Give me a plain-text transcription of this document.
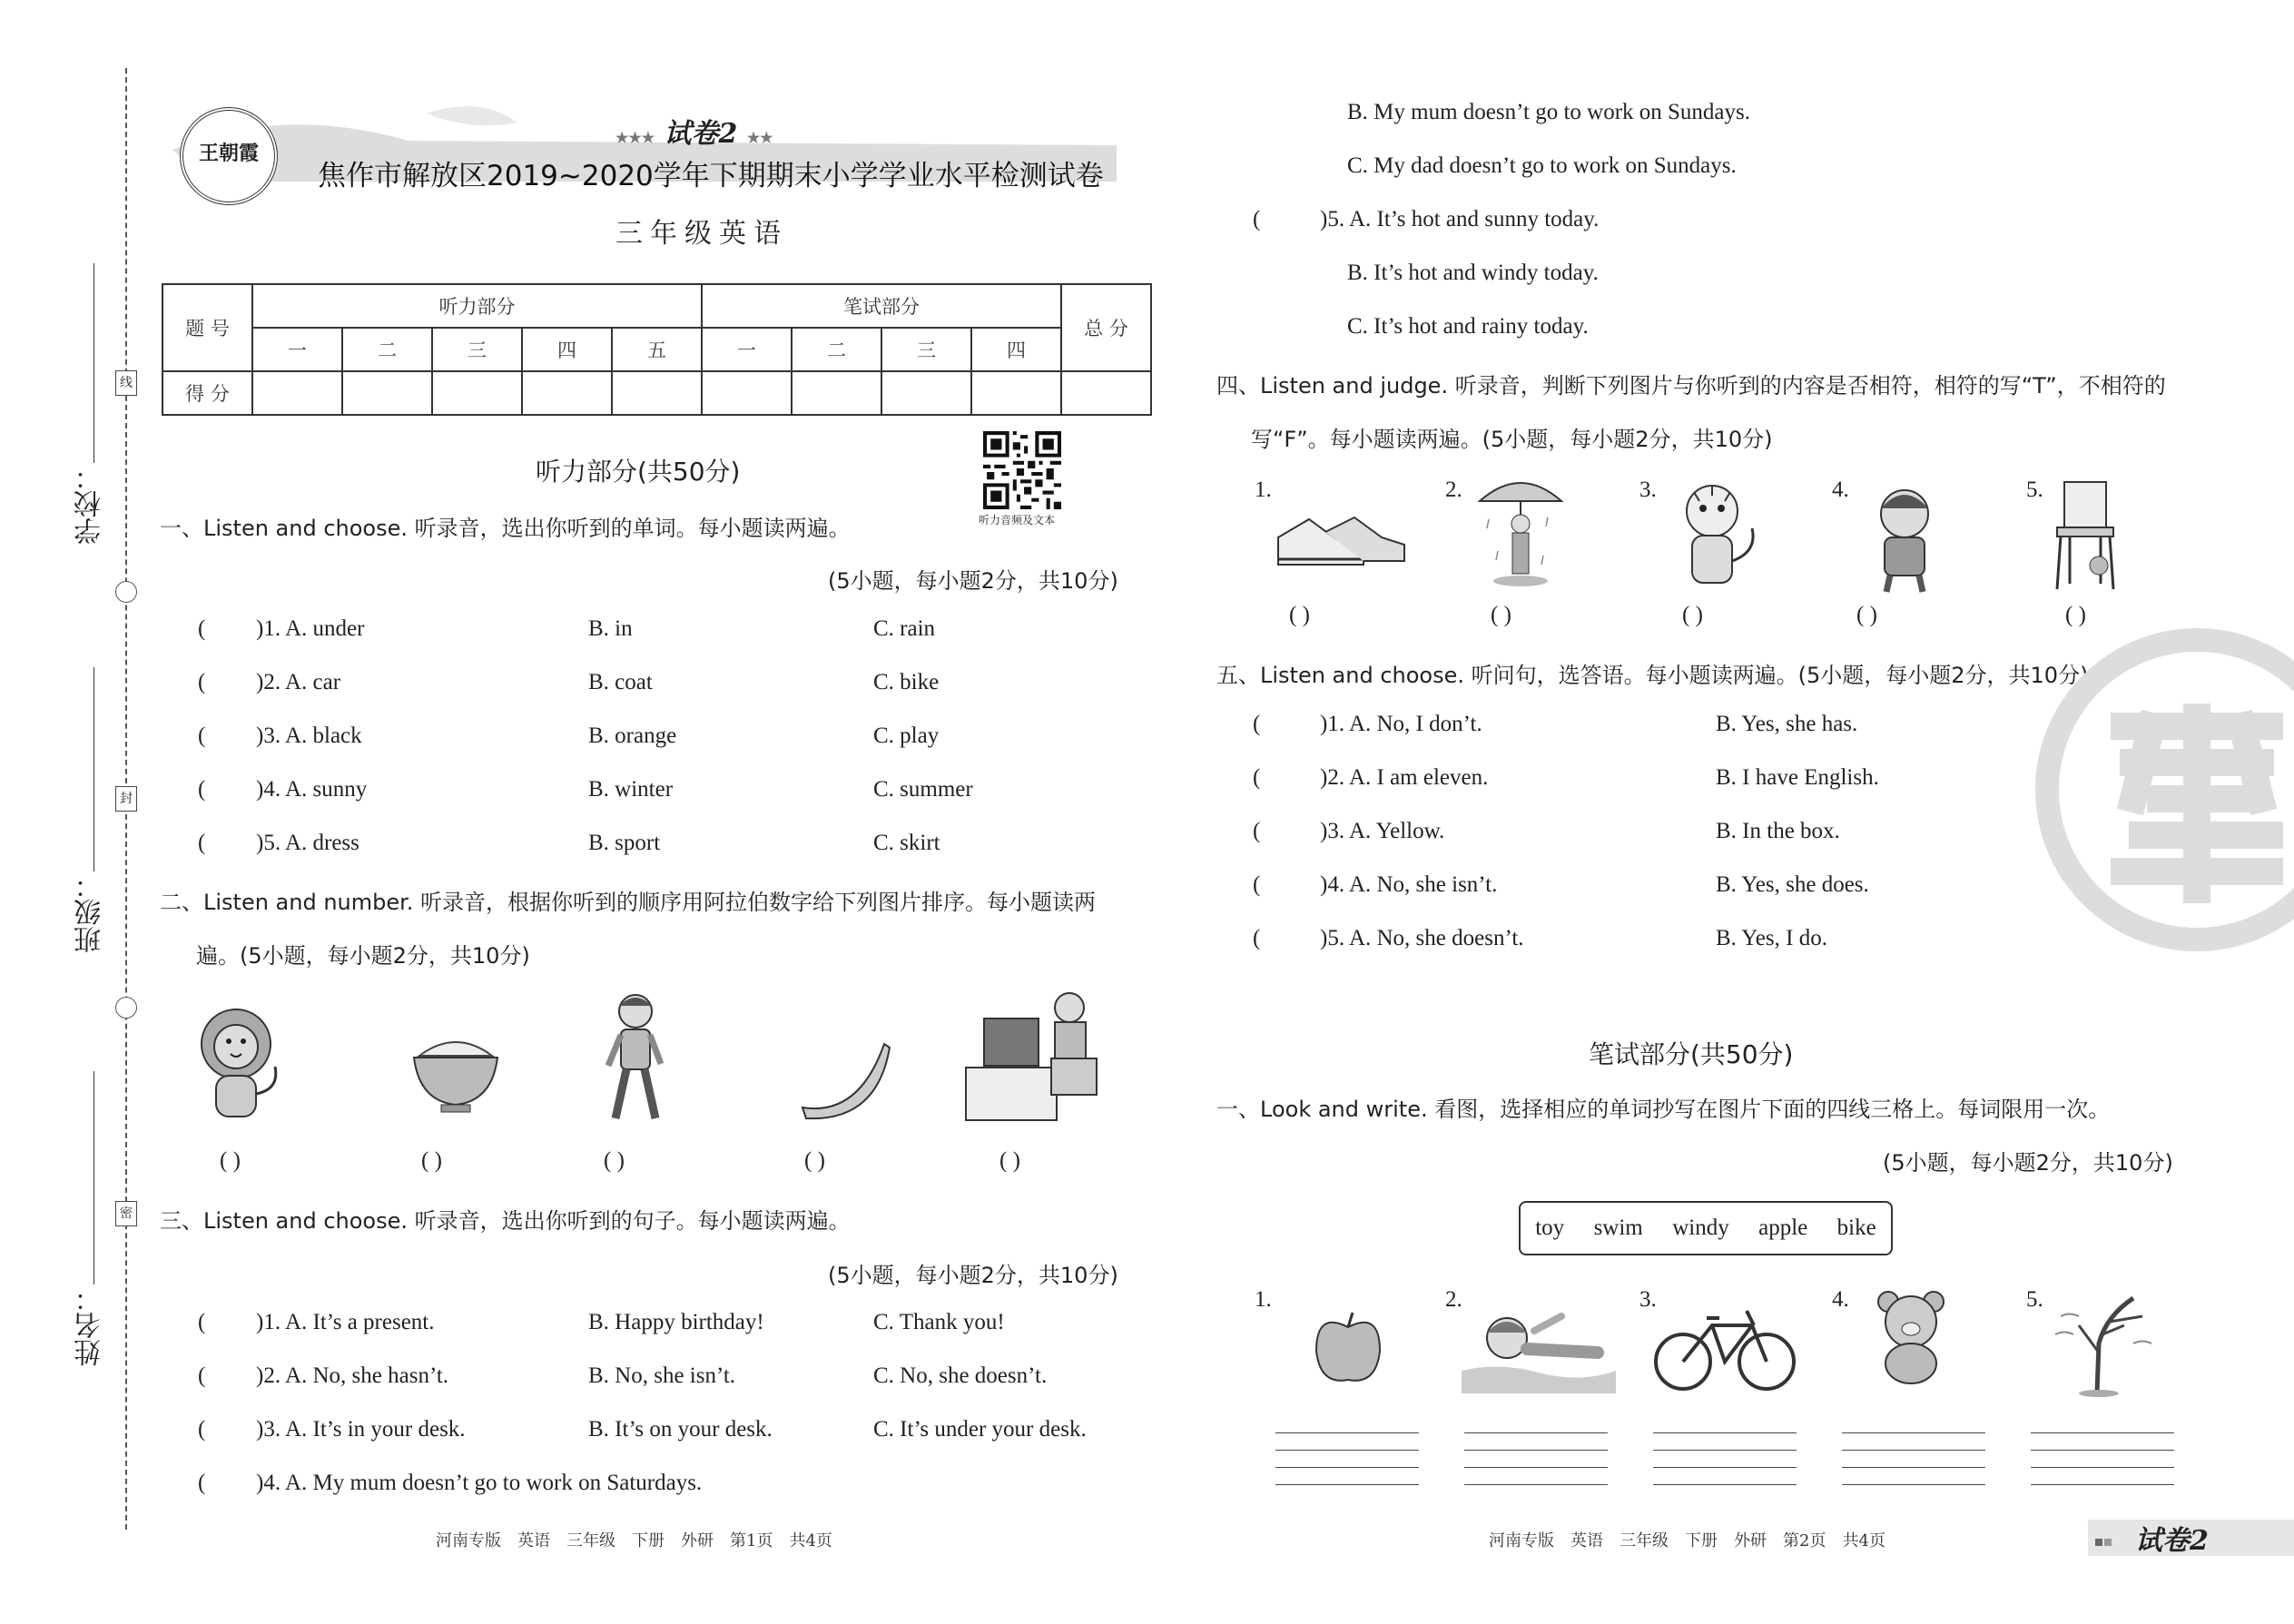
学校：
班级：
姓名：
线
封
密
王朝霞
★★★ 试卷2 ★★
焦作市解放区2019~2020学年下期期末小学学业水平检测试卷
三年级英语
题 号	听力部分					笔试部分				总 分
	一	二	三	四	五	一	二	三	四	
得 分										
听力部分(共50分)
听力音频及文本
一、Listen and choose. 听录音，选出你听到的单词。每小题读两遍。
(5小题，每小题2分，共10分)
( )1. A. under	B. in	C. rain
( )2. A. car	B. coat	C. bike
( )3. A. black	B. orange	C. play
( )4. A. sunny	B. winter	C. summer
( )5. A. dress	B. sport	C. skirt
二、Listen and number. 听录音，根据你听到的顺序用阿拉伯数字给下列图片排序。每小题读两
遍。(5小题，每小题2分，共10分)
( )	( )	( )	( )	( )
三、Listen and choose. 听录音，选出你听到的句子。每小题读两遍。
(5小题，每小题2分，共10分)
( )1. A. It’s a present.	B. Happy birthday!	C. Thank you!
( )2. A. No, she hasn’t.	B. No, she isn’t.	C. No, she doesn’t.
( )3. A. It’s in your desk.	B. It’s on your desk.	C. It’s under your desk.
( )4. A. My mum doesn’t go to work on Saturdays.
B. My mum doesn’t go to work on Sundays.
C. My dad doesn’t go to work on Sundays.
(	)5. A. It’s hot and sunny today.
B. It’s hot and windy today.
C. It’s hot and rainy today.
四、Listen and judge. 听录音，判断下列图片与你听到的内容是否相符，相符的写“T”，不相符的
写“F”。每小题读两遍。(5小题，每小题2分，共10分)
1.	2.	3.	4.	5.
( )	( )	( )	( )	( )
五、Listen and choose. 听问句，选答语。每小题读两遍。(5小题，每小题2分，共10分)
(	)1. A. No, I don’t.	B. Yes, she has.
(	)2. A. I am eleven.	B. I have English.
(	)3. A. Yellow.	B. In the box.
(	)4. A. No, she isn’t.	B. Yes, she does.
(	)5. A. No, she doesn’t.	B. Yes, I do.
笔试部分(共50分)
一、Look and write. 看图，选择相应的单词抄写在图片下面的四线三格上。每词限用一次。
(5小题，每小题2分，共10分)
toy swim windy apple bike
1.	2.	3.	4.	5.
河南专版　英语　三年级　下册　外研　第1页　共4页	河南专版　英语　三年级　下册　外研　第2页　共4页	试卷2
